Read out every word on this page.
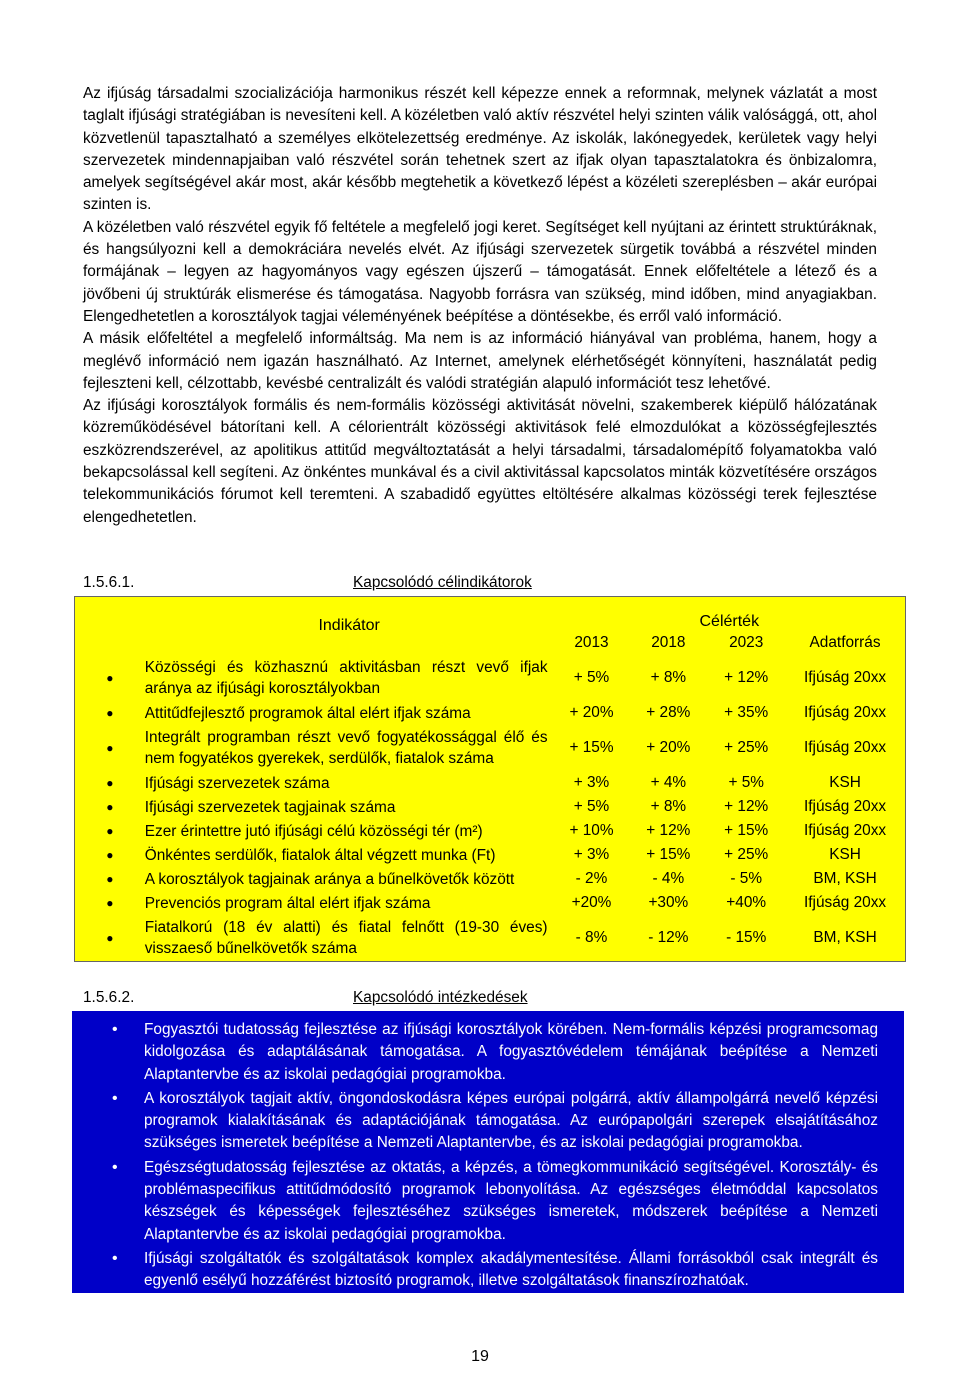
Az ifjúság társadalmi szocializációja harmonikus részét kell képezze ennek a reformnak, melynek vázlatát a most taglalt ifjúsági stratégiában is nevesíteni kell. A közéletben való aktív részvétel helyi szinten válik valósággá, ott, ahol közvetlenül tapasztalható a személyes elkötelezettség eredménye. Az iskolák, lakónegyedek, kerületek vagy helyi szervezetek mindennapjaiban való részvétel során tehetnek szert az ifjak olyan tapasztalatokra és önbizalomra, amelyek segítségével akár most, akár később megtehetik a következő lépést a közéleti szereplésben – akár európai szinten is.

A közéletben való részvétel egyik fő feltétele a megfelelő jogi keret. Segítséget kell nyújtani az érintett struktúráknak, és hangsúlyozni kell a demokráciára nevelés elvét. Az ifjúsági szervezetek sürgetik továbbá a részvétel minden formájának – legyen az hagyományos vagy egészen újszerű – támogatását. Ennek előfeltétele a létező és a jövőbeni új struktúrák elismerése és támogatása. Nagyobb forrásra van szükség, mind időben, mind anyagiakban. Elengedhetetlen a korosztályok tagjai véleményének beépítése a döntésekbe, és erről való információ.

A másik előfeltétel a megfelelő informáltság. Ma nem is az információ hiányával van probléma, hanem, hogy a meglévő információ nem igazán használható. Az Internet, amelynek elérhetőségét könnyíteni, használatát pedig fejleszteni kell, célzottabb, kevésbé centralizált és valódi stratégián alapuló információt tesz lehetővé.

Az ifjúsági korosztályok formális és nem-formális közösségi aktivitását növelni, szakemberek kiépülő hálózatának közreműködésével bátorítani kell. A célorientrált közösségi aktivitások felé elmozdulókat a közösségfejlesztés eszközrendszerével, az apolitikus attitűd megváltoztatását a helyi társadalmi, társadalomépítő folyamatokba való bekapcsolással kell segíteni. Az önkéntes munkával és a civil aktivitással kapcsolatos minták közvetítésére országos telekommunikációs fórumot kell teremteni. A szabadidő együttes eltöltésére alkalmas közösségi terek fejlesztése elengedhetetlen.

1.5.6.1.	Kapcsolódó célindikátorok
	Indikátor	Célérték			
		2013	2018	2023	Adatforrás
●	Közösségi és közhasznú aktivitásban részt vevő ifjak aránya az ifjúsági korosztályokban	+ 5%	+ 8%	+ 12%	Ifjúság 20xx
●	Attitűdfejlesztő programok által elért ifjak száma	+ 20%	+ 28%	+ 35%	Ifjúság 20xx
●	Integrált programban részt vevő fogyatékossággal élő és nem fogyatékos gyerekek, serdülők, fiatalok száma	+ 15%	+ 20%	+ 25%	Ifjúság 20xx
●	Ifjúsági szervezetek száma	+ 3%	+ 4%	+ 5%	KSH
●	Ifjúsági szervezetek tagjainak száma	+ 5%	+ 8%	+ 12%	Ifjúság 20xx
●	Ezer érintettre jutó ifjúsági célú közösségi tér (m²)	+ 10%	+ 12%	+ 15%	Ifjúság 20xx
●	Önkéntes serdülők, fiatalok által végzett munka (Ft)	+ 3%	+ 15%	+ 25%	KSH
●	A korosztályok tagjainak aránya a bűnelkövetők között	- 2%	- 4%	- 5%	BM, KSH
●	Prevenciós program által elért ifjak száma	+20%	+30%	+40%	Ifjúság 20xx
●	Fiatalkorú (18 év alatti) és fiatal felnőtt (19-30 éves) visszaeső bűnelkövetők száma	- 8%	- 12%	- 15%	BM, KSH
1.5.6.2.	Kapcsolódó intézkedések
• Fogyasztói tudatosság fejlesztése az ifjúsági korosztályok körében. Nem-formális képzési programcsomag kidolgozása és adaptálásának támogatása. A fogyasztóvédelem témájának beépítése a Nemzeti Alaptantervbe és az iskolai pedagógiai programokba.
• A korosztályok tagjait aktív, öngondoskodásra képes európai polgárrá, aktív állampolgárrá nevelő képzési programok kialakításának és adaptációjának támogatása. Az európapolgári szerepek elsajátításához szükséges ismeretek beépítése a Nemzeti Alaptantervbe, és az iskolai pedagógiai programokba.
• Egészségtudatosság fejlesztése az oktatás, a képzés, a tömegkommunikáció segítségével. Korosztály- és problémaspecifikus attitűdmódosító programok lebonyolítása. Az egészséges életmóddal kapcsolatos készségek és képességek fejlesztéséhez szükséges ismeretek, módszerek beépítése a Nemzeti Alaptantervbe és az iskolai pedagógiai programokba.
• Ifjúsági szolgáltatók és szolgáltatások komplex akadálymentesítése. Állami forrásokból csak integrált és egyenlő esélyű hozzáférést biztosító programok, illetve szolgáltatások finanszírozhatóak.
19
